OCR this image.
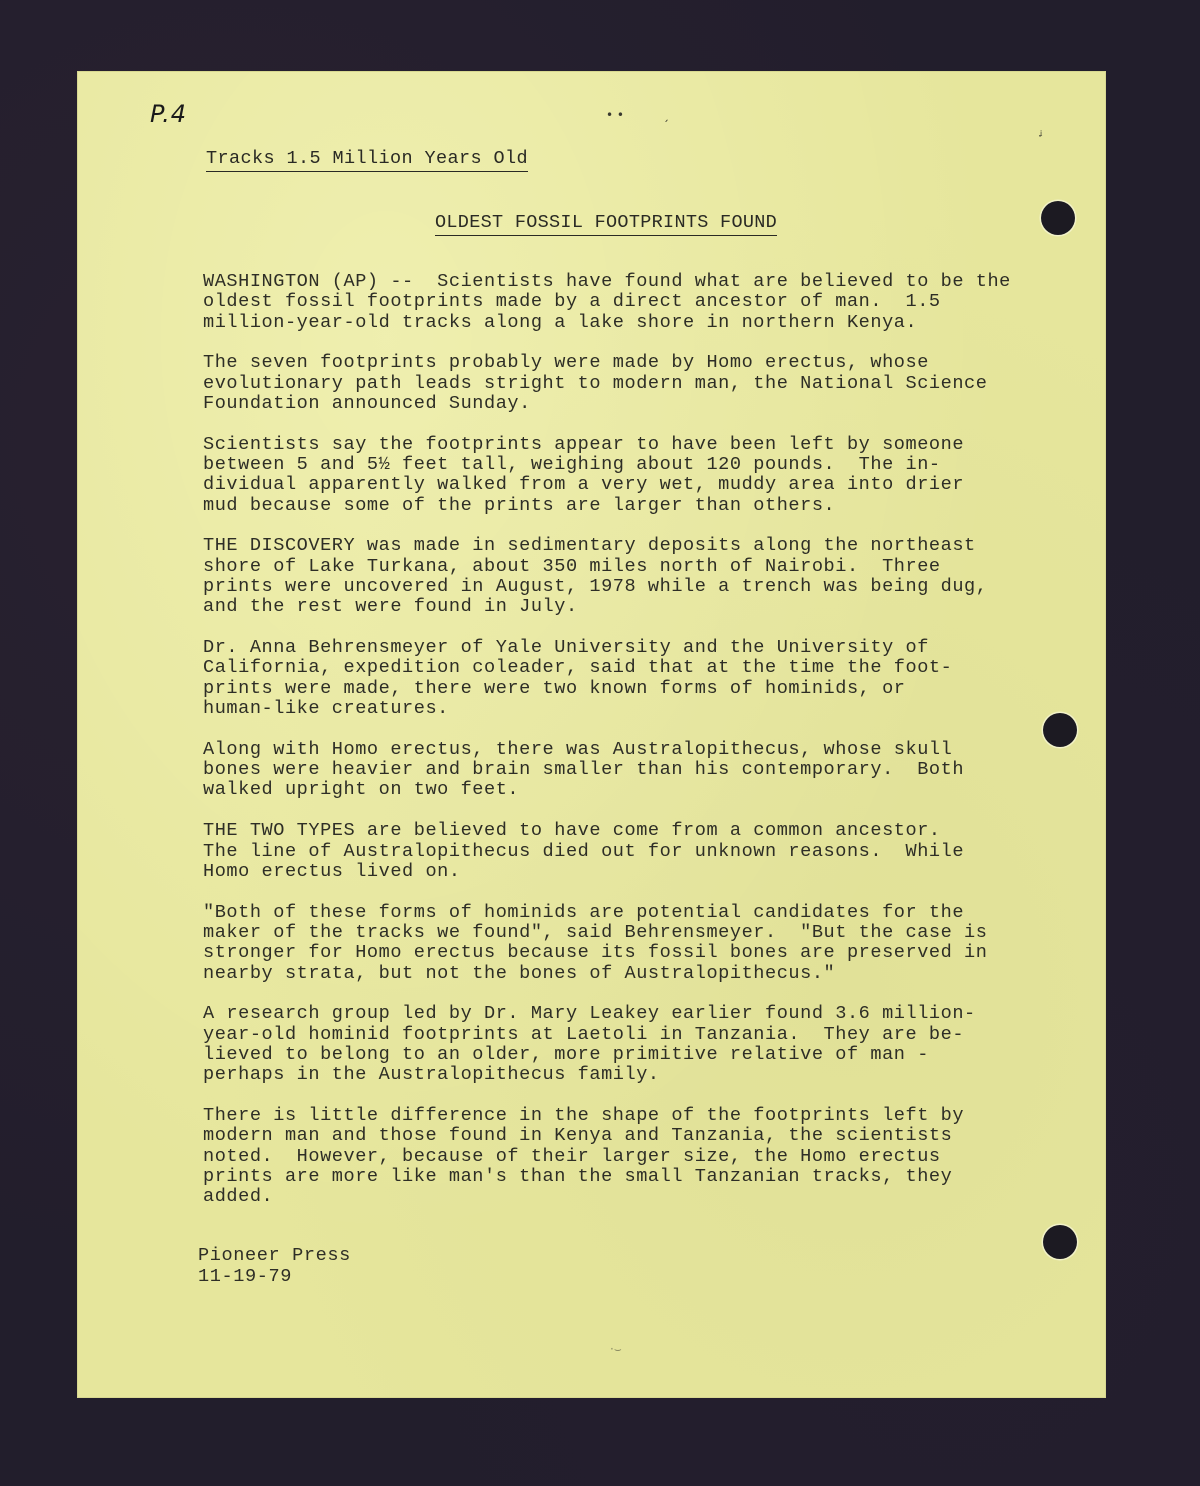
P.4	• •	ˏ
ᶨ
Tracks 1.5 Million Years Old
OLDEST FOSSIL FOOTPRINTS FOUND

WASHINGTON (AP) --  Scientists have found what are believed to be the
oldest fossil footprints made by a direct ancestor of man.  1.5
million-year-old tracks along a lake shore in northern Kenya.

The seven footprints probably were made by Homo erectus, whose
evolutionary path leads stright to modern man, the National Science
Foundation announced Sunday.

Scientists say the footprints appear to have been left by someone
between 5 and 5½ feet tall, weighing about 120 pounds.  The in-
dividual apparently walked from a very wet, muddy area into drier
mud because some of the prints are larger than others.

THE DISCOVERY was made in sedimentary deposits along the northeast
shore of Lake Turkana, about 350 miles north of Nairobi.  Three
prints were uncovered in August, 1978 while a trench was being dug,
and the rest were found in July.

Dr. Anna Behrensmeyer of Yale University and the University of
California, expedition coleader, said that at the time the foot-
prints were made, there were two known forms of hominids, or
human-like creatures.

Along with Homo erectus, there was Australopithecus, whose skull
bones were heavier and brain smaller than his contemporary.  Both
walked upright on two feet.

THE TWO TYPES are believed to have come from a common ancestor.
The line of Australopithecus died out for unknown reasons.  While
Homo erectus lived on.

"Both of these forms of hominids are potential candidates for the
maker of the tracks we found", said Behrensmeyer.  "But the case is
stronger for Homo erectus because its fossil bones are preserved in
nearby strata, but not the bones of Australopithecus."

A research group led by Dr. Mary Leakey earlier found 3.6 million-
year-old hominid footprints at Laetoli in Tanzania.  They are be-
lieved to belong to an older, more primitive relative of man -
perhaps in the Australopithecus family.

There is little difference in the shape of the footprints left by
modern man and those found in Kenya and Tanzania, the scientists
noted.  However, because of their larger size, the Homo erectus
prints are more like man's than the small Tanzanian tracks, they
added.

Pioneer Press
11-19-79
·⌣
